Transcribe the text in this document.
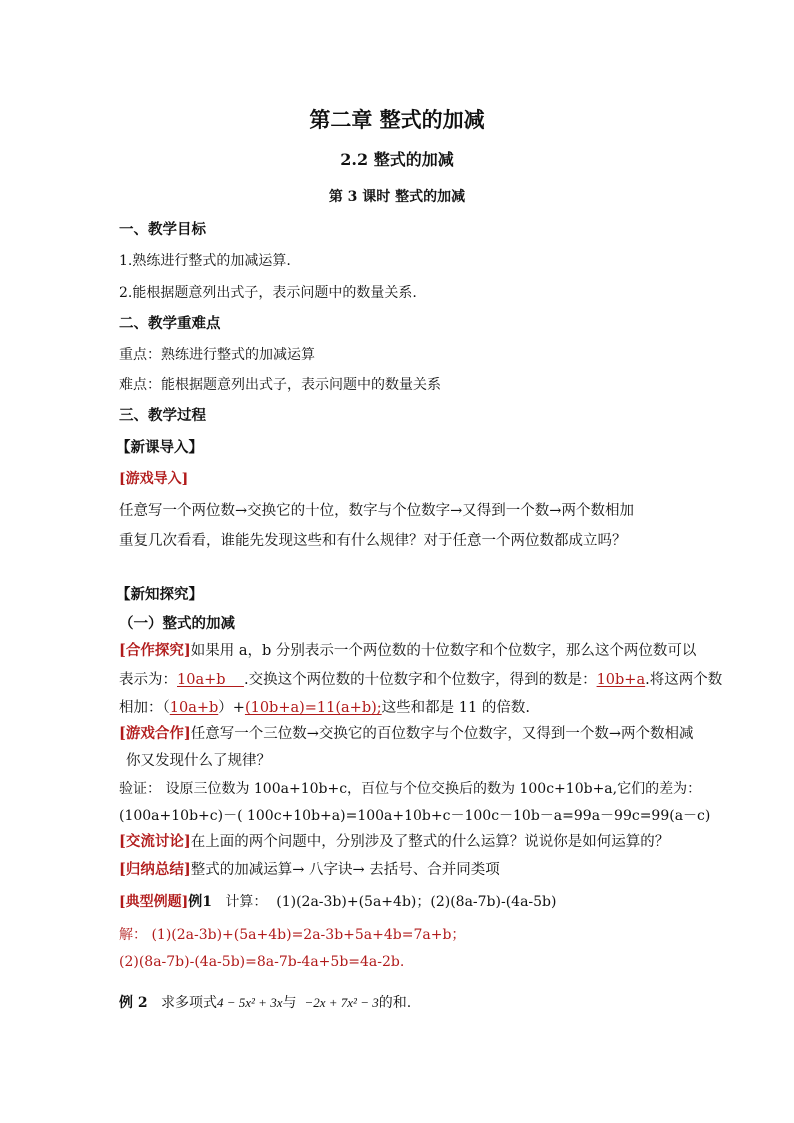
第二章 整式的加减
2.2 整式的加减
第 3 课时 整式的加减
一、教学目标
1.熟练进行整式的加减运算.
2.能根据题意列出式子，表示问题中的数量关系.
二、教学重难点
重点：熟练进行整式的加减运算
难点：能根据题意列出式子，表示问题中的数量关系
三、教学过程
【新课导入】
[游戏导入]
任意写一个两位数→交换它的十位，数字与个位数字→又得到一个数→两个数相加
重复几次看看，谁能先发现这些和有什么规律？对于任意一个两位数都成立吗？
【新知探究】
（一）整式的加减
[合作探究]如果用 a，b 分别表示一个两位数的十位数字和个位数字，那么这个两位数可以
表示为：10a+b    .交换这个两位数的十位数字和个位数字，得到的数是：10b+a.将这两个数
相加：（10a+b）+(10b+a)=11(a+b);这些和都是 11 的倍数.
[游戏合作]任意写一个三位数→交换它的百位数字与个位数字，又得到一个数→两个数相减
你又发现什么了规律？
验证： 设原三位数为 100a+10b+c，百位与个位交换后的数为 100c+10b+a,它们的差为：
(100a+10b+c)－( 100c+10b+a)=100a+10b+c－100c－10b－a=99a－99c=99(a－c)
[交流讨论]在上面的两个问题中，分别涉及了整式的什么运算？说说你是如何运算的？
[归纳总结]整式的加减运算→ 八字诀→ 去括号、合并同类项
[典型例题]例1   计算：  (1)(2a-3b)+(5a+4b)；(2)(8a-7b)-(4a-5b)
解： (1)(2a-3b)+(5a+4b)=2a-3b+5a+4b=7a+b；
(2)(8a-7b)-(4a-5b)=8a-7b-4a+5b=4a-2b.
例 2   求多项式4 − 5x² + 3x与 −2x + 7x² − 3的和.
